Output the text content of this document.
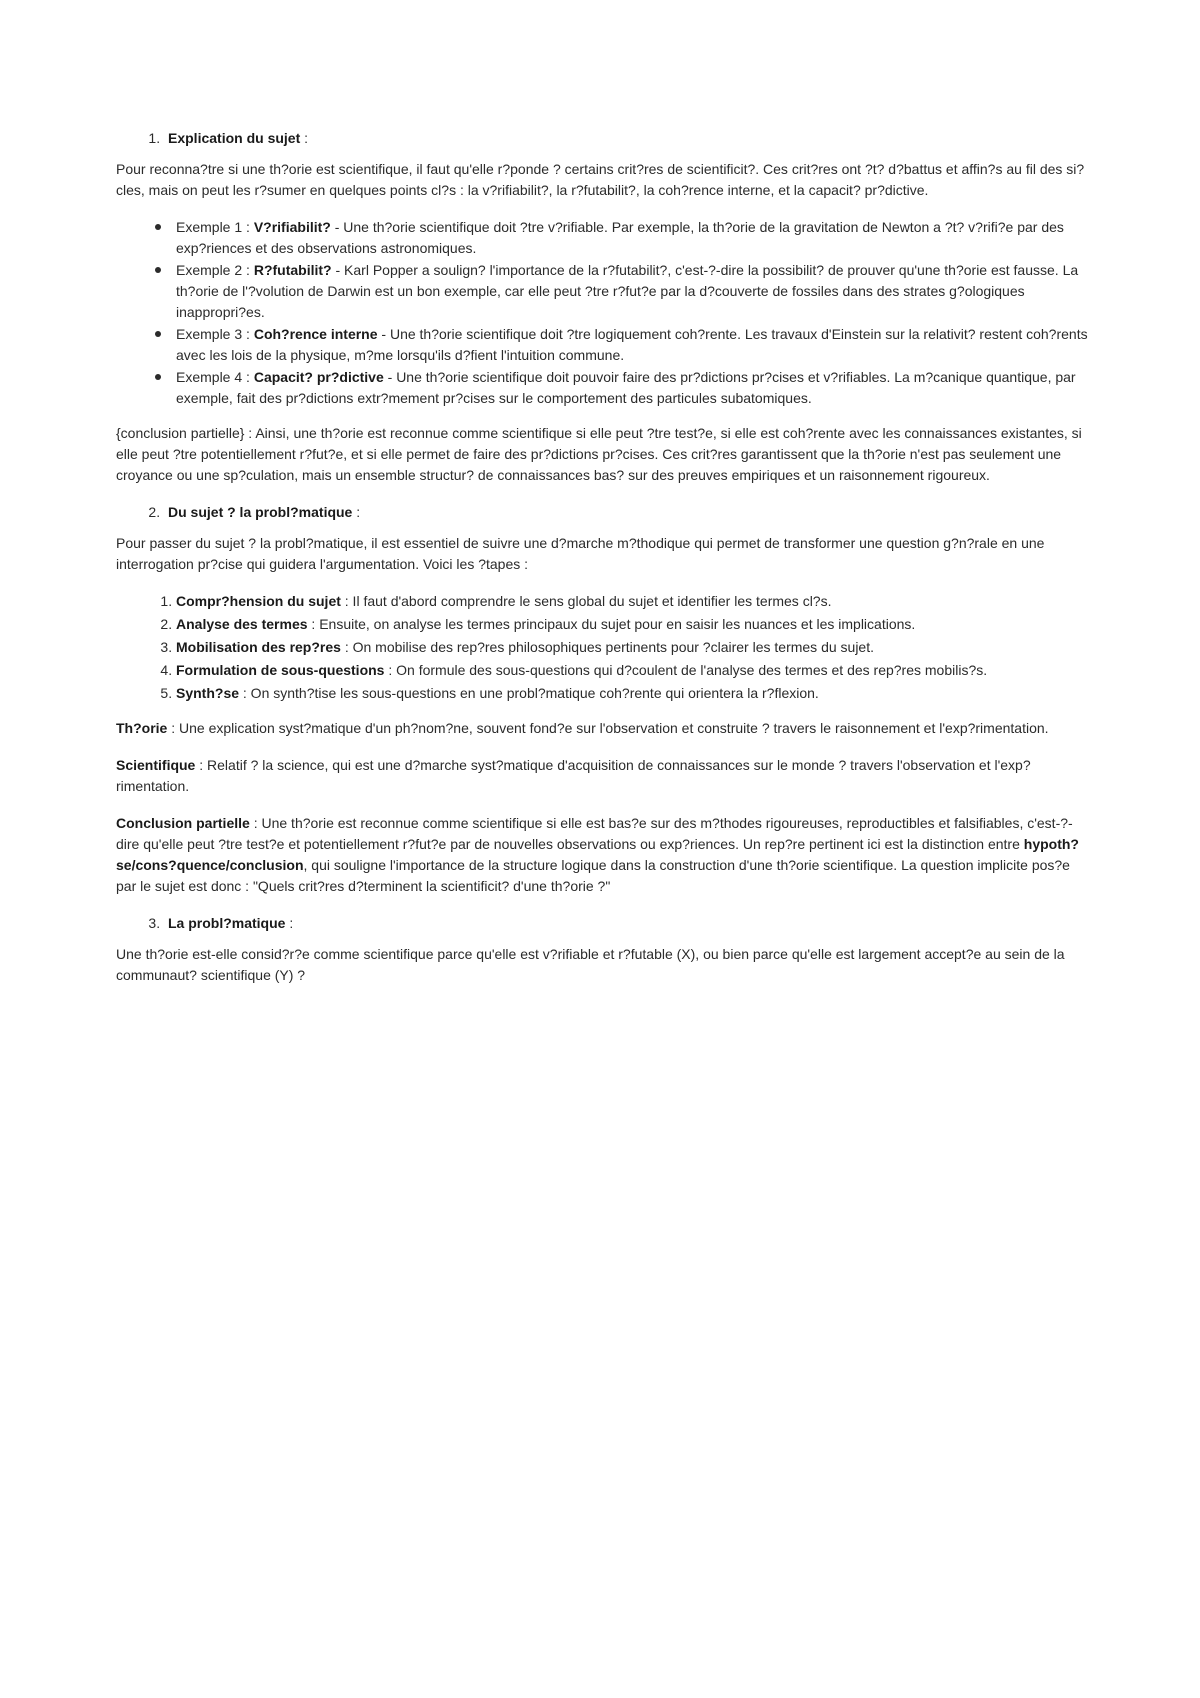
1. Explication du sujet :

Pour reconna?tre si une th?orie est scientifique, il faut qu'elle r?ponde ? certains crit?res de scientificit?. Ces crit?res ont ?t? d?battus et affin?s au fil des si?cles, mais on peut les r?sumer en quelques points cl?s : la v?rifiabilit?, la r?futabilit?, la coh?rence interne, et la capacit? pr?dictive.

Exemple 1 : V?rifiabilit? - Une th?orie scientifique doit ?tre v?rifiable. Par exemple, la th?orie de la gravitation de Newton a ?t? v?rifi?e par des exp?riences et des observations astronomiques.
Exemple 2 : R?futabilit? - Karl Popper a soulign? l'importance de la r?futabilit?, c'est-?-dire la possibilit? de prouver qu'une th?orie est fausse. La th?orie de l'?volution de Darwin est un bon exemple, car elle peut ?tre r?fut?e par la d?couverte de fossiles dans des strates g?ologiques inappropri?es.
Exemple 3 : Coh?rence interne - Une th?orie scientifique doit ?tre logiquement coh?rente. Les travaux d'Einstein sur la relativit? restent coh?rents avec les lois de la physique, m?me lorsqu'ils d?fient l'intuition commune.
Exemple 4 : Capacit? pr?dictive - Une th?orie scientifique doit pouvoir faire des pr?dictions pr?cises et v?rifiables. La m?canique quantique, par exemple, fait des pr?dictions extr?mement pr?cises sur le comportement des particules subatomiques.

{conclusion partielle} : Ainsi, une th?orie est reconnue comme scientifique si elle peut ?tre test?e, si elle est coh?rente avec les connaissances existantes, si elle peut ?tre potentiellement r?fut?e, et si elle permet de faire des pr?dictions pr?cises. Ces crit?res garantissent que la th?orie n'est pas seulement une croyance ou une sp?culation, mais un ensemble structur? de connaissances bas? sur des preuves empiriques et un raisonnement rigoureux.

2. Du sujet ? la probl?matique :

Pour passer du sujet ? la probl?matique, il est essentiel de suivre une d?marche m?thodique qui permet de transformer une question g?n?rale en une interrogation pr?cise qui guidera l'argumentation. Voici les ?tapes :

1. Compr?hension du sujet : Il faut d'abord comprendre le sens global du sujet et identifier les termes cl?s.
2. Analyse des termes : Ensuite, on analyse les termes principaux du sujet pour en saisir les nuances et les implications.
3. Mobilisation des rep?res : On mobilise des rep?res philosophiques pertinents pour ?clairer les termes du sujet.
4. Formulation de sous-questions : On formule des sous-questions qui d?coulent de l'analyse des termes et des rep?res mobilis?s.
5. Synth?se : On synth?tise les sous-questions en une probl?matique coh?rente qui orientera la r?flexion.

Th?orie : Une explication syst?matique d'un ph?nom?ne, souvent fond?e sur l'observation et construite ? travers le raisonnement et l'exp?rimentation.

Scientifique : Relatif ? la science, qui est une d?marche syst?matique d'acquisition de connaissances sur le monde ? travers l'observation et l'exp?rimentation.

Conclusion partielle : Une th?orie est reconnue comme scientifique si elle est bas?e sur des m?thodes rigoureuses, reproductibles et falsifiables, c'est-?-dire qu'elle peut ?tre test?e et potentiellement r?fut?e par de nouvelles observations ou exp?riences. Un rep?re pertinent ici est la distinction entre hypoth?se/cons?quence/conclusion, qui souligne l'importance de la structure logique dans la construction d'une th?orie scientifique. La question implicite pos?e par le sujet est donc : "Quels crit?res d?terminent la scientificit? d'une th?orie ?"

3. La probl?matique :

Une th?orie est-elle consid?r?e comme scientifique parce qu'elle est v?rifiable et r?futable (X), ou bien parce qu'elle est largement accept?e au sein de la communaut? scientifique (Y) ?
